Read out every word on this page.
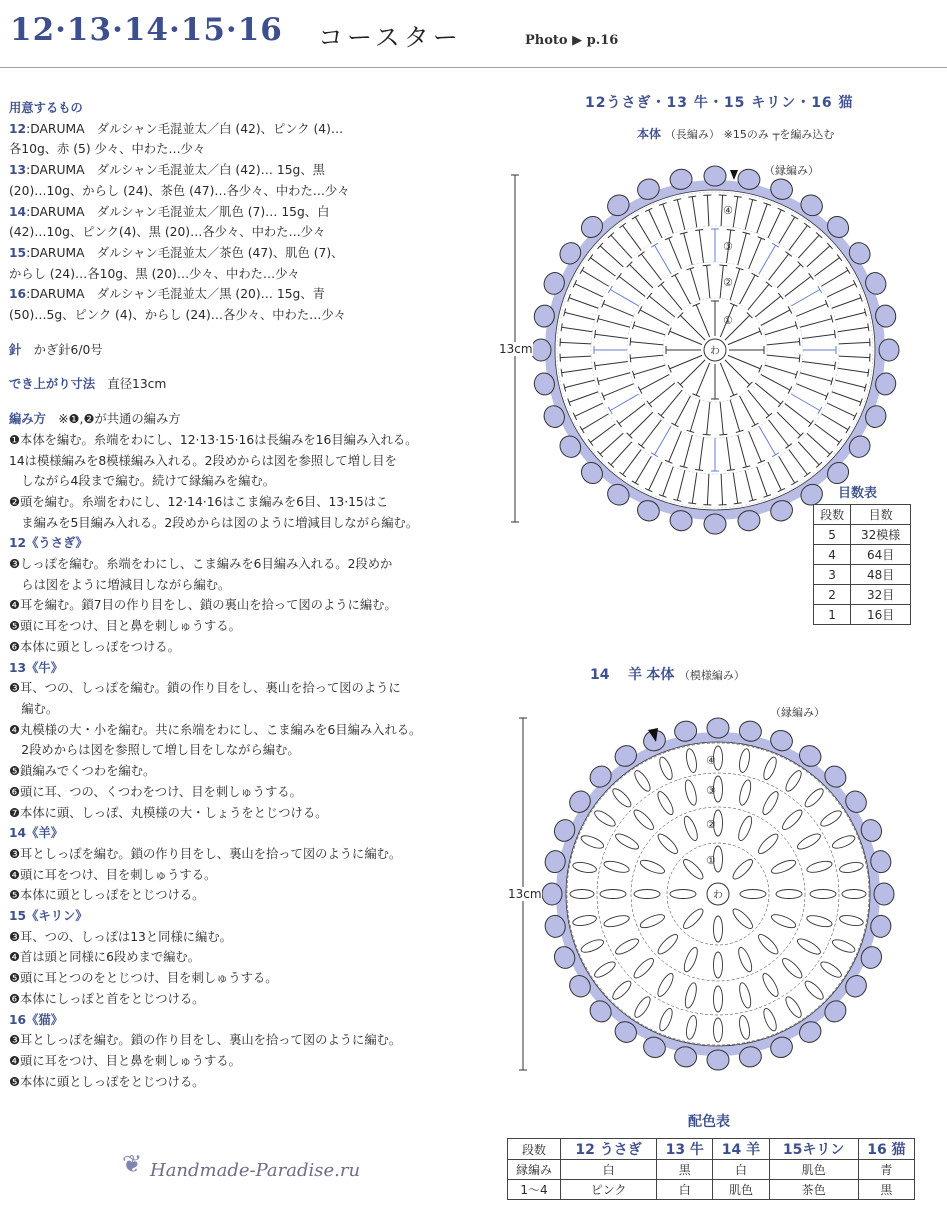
12·13·14·15·16 コースター	Photo ▶ p.16

用意するもの

12:DARUMA　ダルシャン毛混並太／白 (42)、ピンク (4)…

各10g、赤 (5) 少々、中わた…少々

13:DARUMA　ダルシャン毛混並太／白 (42)… 15g、黒

(20)…10g、からし (24)、茶色 (47)…各少々、中わた…少々

14:DARUMA　ダルシャン毛混並太／肌色 (7)… 15g、白

(42)…10g、ピンク(4)、黒 (20)…各少々、中わた…少々

15:DARUMA　ダルシャン毛混並太／茶色 (47)、肌色 (7)、

からし (24)…各10g、黒 (20)…少々、中わた…少々

16:DARUMA　ダルシャン毛混並太／黒 (20)… 15g、青

(50)…5g、ピンク (4)、からし (24)…各少々、中わた…少々

針　 かぎ針6/0号

でき上がり寸法　 直径13cm

編み方　 ※❶,❷が共通の編み方

❶本体を編む。糸端をわにし、12·13·15·16は長編みを16目編み入れる。

14は模様編みを8模様編み入れる。2段めからは図を参照して増し目を

　しながら4段まで編む。続けて縁編みを編む。

❷頭を編む。糸端をわにし、12·14·16はこま編みを6目、13·15はこ

　ま編みを5目編み入れる。2段めからは図のように増減目しながら編む。

12《うさぎ》

❸しっぽを編む。糸端をわにし、こま編みを6目編み入れる。2段めか

　らは図をように増減目しながら編む。

❹耳を編む。鎖7目の作り目をし、鎖の裏山を拾って図のように編む。

❺頭に耳をつけ、目と鼻を刺しゅうする。

❻本体に頭としっぽをつける。

13《牛》

❸耳、つの、しっぽを編む。鎖の作り目をし、裏山を拾って図のように

　編む。

❹丸模様の大・小を編む。共に糸端をわにし、こま編みを6目編み入れる。

　2段めからは図を参照して増し目をしながら編む。

❺鎖編みでくつわを編む。

❻頭に耳、つの、くつわをつけ、目を刺しゅうする。

❼本体に頭、しっぽ、丸模様の大・しょうをとじつける。

14《羊》

❸耳としっぽを編む。鎖の作り目をし、裏山を拾って図のように編む。

❹頭に耳をつけ、目を刺しゅうする。

❺本体に頭としっぽをとじつける。

15《キリン》

❸耳、つの、しっぽは13と同様に編む。

❹首は頭と同様に6段めまで編む。

❺頭に耳とつのをとじつけ、目を刺しゅうする。

❻本体にしっぽと首をとじつける。

16《猫》

❸耳としっぽを編む。鎖の作り目をし、裏山を拾って図のように編む。

❹頭に耳をつけ、目と鼻を刺しゅうする。

❺本体に頭としっぽをとじつける。

12うさぎ・13 牛・15 キリン・16 猫
本体 （長編み） ※15のみ ┬を編み込む
わ
①
②
③
④
（縁編み）
13cm
目数表
段数	目数
5	32模様
4	64目
3	48目
2	32目
1	16目
14　 羊 本体 （模様編み）
わ
①
②
③
④
（縁編み）
13cm
配色表
段数	12 うさぎ	13 牛	14 羊	15キリン	16 猫
縁編み	白	黒	白	肌色	青
1〜4	ピンク	白	肌色	茶色	黒
❦ Handmade-Paradise.ru
